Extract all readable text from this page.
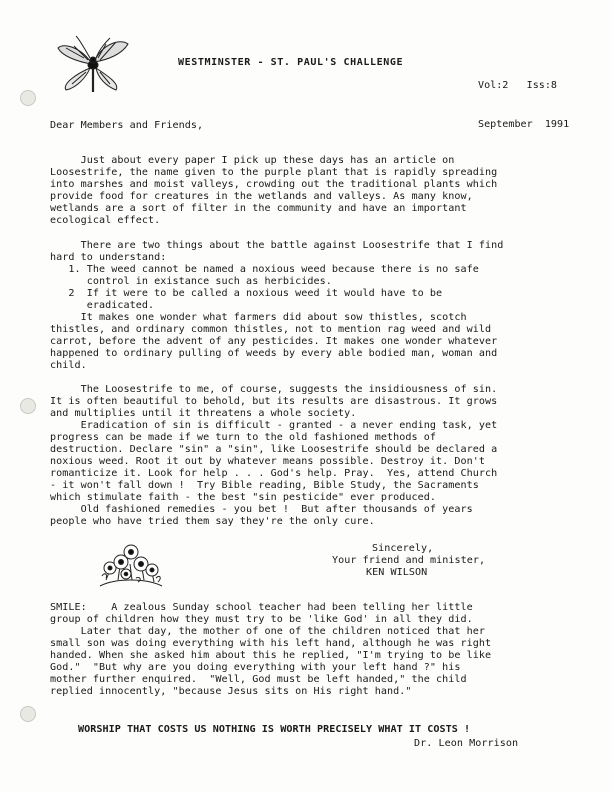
WESTMINSTER - ST. PAUL'S CHALLENGE

Vol:2   Iss:8

September  1991

Dear Members and Friends,
Just about every paper I pick up these days has an article on
Loosestrife, the name given to the purple plant that is rapidly spreading
into marshes and moist valleys, crowding out the traditional plants which
provide food for creatures in the wetlands and valleys. As many know,
wetlands are a sort of filter in the community and have an important
ecological effect.
There are two things about the battle against Loosestrife that I find
hard to understand:
1. The weed cannot be named a noxious weed because there is no safe
control in existance such as herbicides.
2  If it were to be called a noxious weed it would have to be
eradicated.
It makes one wonder what farmers did about sow thistles, scotch
thistles, and ordinary common thistles, not to mention rag weed and wild
carrot, before the advent of any pesticides. It makes one wonder whatever
happened to ordinary pulling of weeds by every able bodied man, woman and
child.
The Loosestrife to me, of course, suggests the insidiousness of sin.
It is often beautiful to behold, but its results are disastrous. It grows
and multiplies until it threatens a whole society.
Eradication of sin is difficult - granted - a never ending task, yet
progress can be made if we turn to the old fashioned methods of
destruction. Declare "sin" a "sin", like Loosestrife should be declared a
noxious weed. Root it out by whatever means possible. Destroy it. Don't
romanticize it. Look for help . . . God's help. Pray.  Yes, attend Church
- it won't fall down !  Try Bible reading, Bible Study, the Sacraments
which stimulate faith - the best "sin pesticide" ever produced.
Old fashioned remedies - you bet !  But after thousands of years
people who have tried them say they're the only cure.
Sincerely,
Your friend and minister,
KEN WILSON
SMILE:    A zealous Sunday school teacher had been telling her little
group of children how they must try to be 'like God' in all they did.
Later that day, the mother of one of the children noticed that her
small son was doing everything with his left hand, although he was right
handed. When she asked him about this he replied, "I'm trying to be like
God."  "But why are you doing everything with your left hand ?" his
mother further enquired.  "Well, God must be left handed," the child
replied innocently, "because Jesus sits on His right hand."
WORSHIP THAT COSTS US NOTHING IS WORTH PRECISELY WHAT IT COSTS !
Dr. Leon Morrison
